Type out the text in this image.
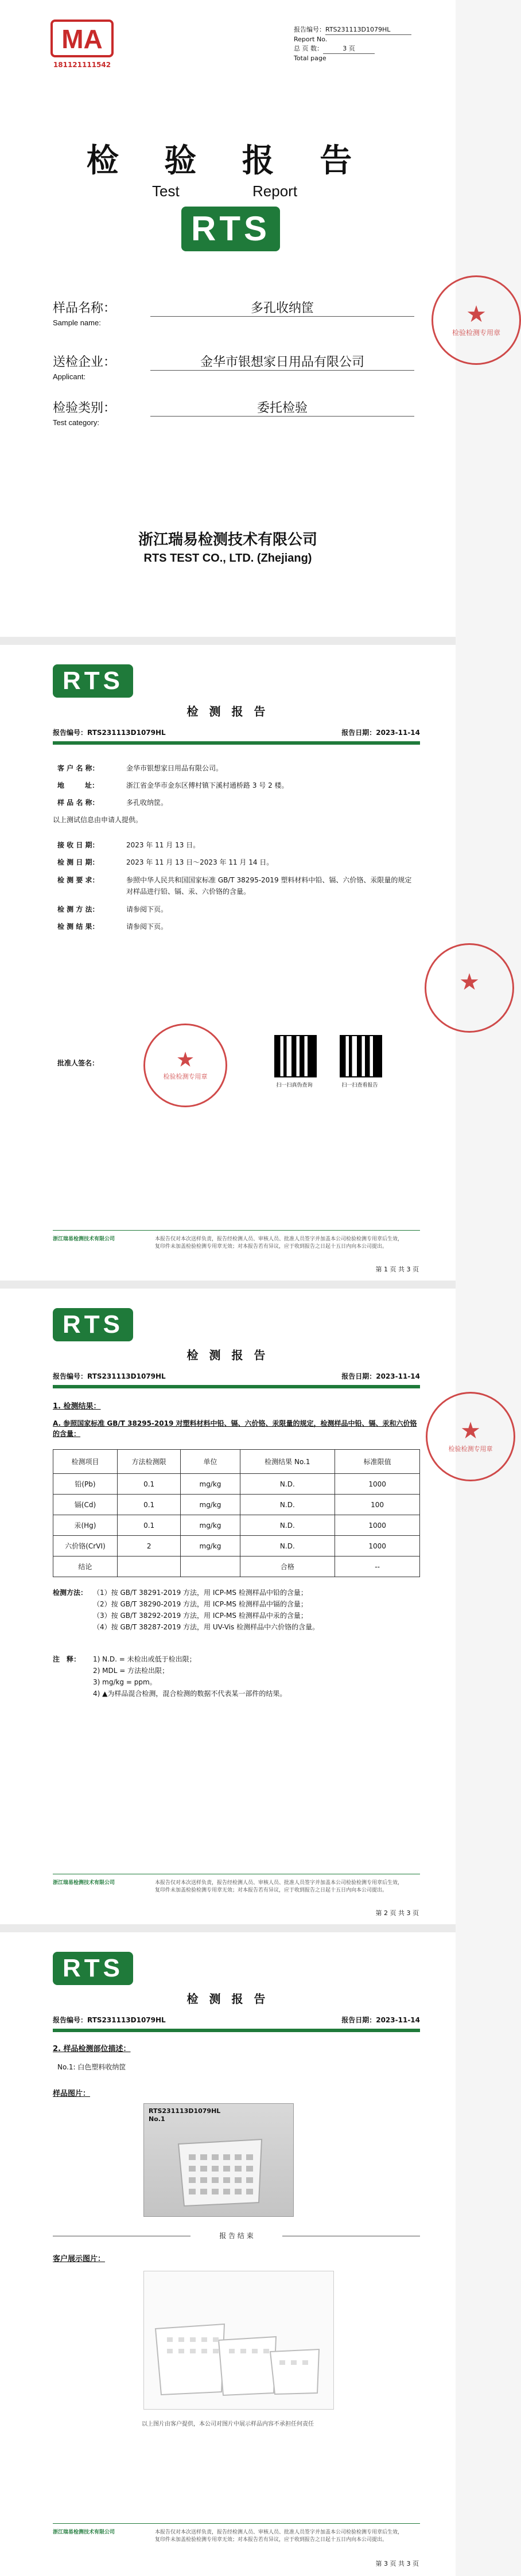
MA
181121111542
报告编号：RTS231113D1079HL
Report No.
总 页 数：	3 页
Total page
检 验 报 告
Test	Report
RTS
样品名称：	多孔收纳筐
Sample name:
送检企业：	金华市银想家日用品有限公司
Applicant:
检验类别：	委托检验
Test category:
浙江瑞易检测技术有限公司
RTS TEST CO., LTD. (Zhejiang)
★
检验检测专用章
RTS
检 测 报 告
报告编号：RTS231113D1079HL	报告日期：2023-11-14
客 户 名 称：	金华市银想家日用品有限公司。
地　　　址：	浙江省金华市金东区傅村镇下溪村通桥路 3 号 2 楼。
样 品 名 称：	多孔收纳筐。
以上测试信息由申请人提供。
接 收 日 期：	2023 年 11 月 13 日。
检 测 日 期：	2023 年 11 月 13 日～2023 年 11 月 14 日。
检 测 要 求：	参照中华人民共和国国家标准 GB/T 38295-2019 塑料材料中铅、镉、六价铬、汞限量的规定对样品进行铅、镉、汞、六价铬的含量。
检 测 方 法：	请参阅下页。
检 测 结 果：	请参阅下页。
★
检验检测专用章
★
批准人签名：
扫一扫真伪查询	扫一扫查看报告
浙江瑞易检测技术有限公司	本报告仅对本次送样负责，报告经检测人员、审核人员、批准人员签字并加盖本公司检验检测专用章后生效，复印件未加盖检验检测专用章无效；对本报告若有异议，应于收到报告之日起十五日内向本公司提出。
第 1 页 共 3 页
RTS
检 测 报 告
报告编号：RTS231113D1079HL	报告日期：2023-11-14
1. 检测结果：
A. 参照国家标准 GB/T 38295-2019 对塑料材料中铅、镉、六价铬、汞限量的规定，检测样品中铅、镉、汞和六价铬的含量：
检测项目	方法检测限	单位	检测结果 No.1	标准限值
铅(Pb)	0.1	mg/kg	N.D.	1000
镉(Cd)	0.1	mg/kg	N.D.	100
汞(Hg)	0.1	mg/kg	N.D.	1000
六价铬(CrVI)	2	mg/kg	N.D.	1000
结论			合格	--
检测方法： （1）按 GB/T 38291-2019 方法，用 ICP-MS 检测样品中铅的含量；
（2）按 GB/T 38290-2019 方法，用 ICP-MS 检测样品中镉的含量；
（3）按 GB/T 38292-2019 方法，用 ICP-MS 检测样品中汞的含量；
（4）按 GB/T 38287-2019 方法，用 UV-Vis 检测样品中六价铬的含量。
注　释：	1) N.D. = 未检出或低于检出限；
2) MDL = 方法检出限；
3) mg/kg = ppm。
4) ▲为样品混合检测，混合检测的数据不代表某一部件的结果。
★
检验检测专用章
浙江瑞易检测技术有限公司	本报告仅对本次送样负责，报告经检测人员、审核人员、批准人员签字并加盖本公司检验检测专用章后生效，复印件未加盖检验检测专用章无效；对本报告若有异议，应于收到报告之日起十五日内向本公司提出。
第 2 页 共 3 页
RTS
检 测 报 告
报告编号：RTS231113D1079HL	报告日期：2023-11-14
2. 样品检测部位描述：
No.1: 白色塑料收纳筐
样品图片：
RTS231113D1079HL
No.1
报 告 结 束
客户展示图片：
以上图片由客户提供，本公司对图片中展示样品内容不承担任何责任
浙江瑞易检测技术有限公司	本报告仅对本次送样负责，报告经检测人员、审核人员、批准人员签字并加盖本公司检验检测专用章后生效，复印件未加盖检验检测专用章无效；对本报告若有异议，应于收到报告之日起十五日内向本公司提出。
第 3 页 共 3 页
